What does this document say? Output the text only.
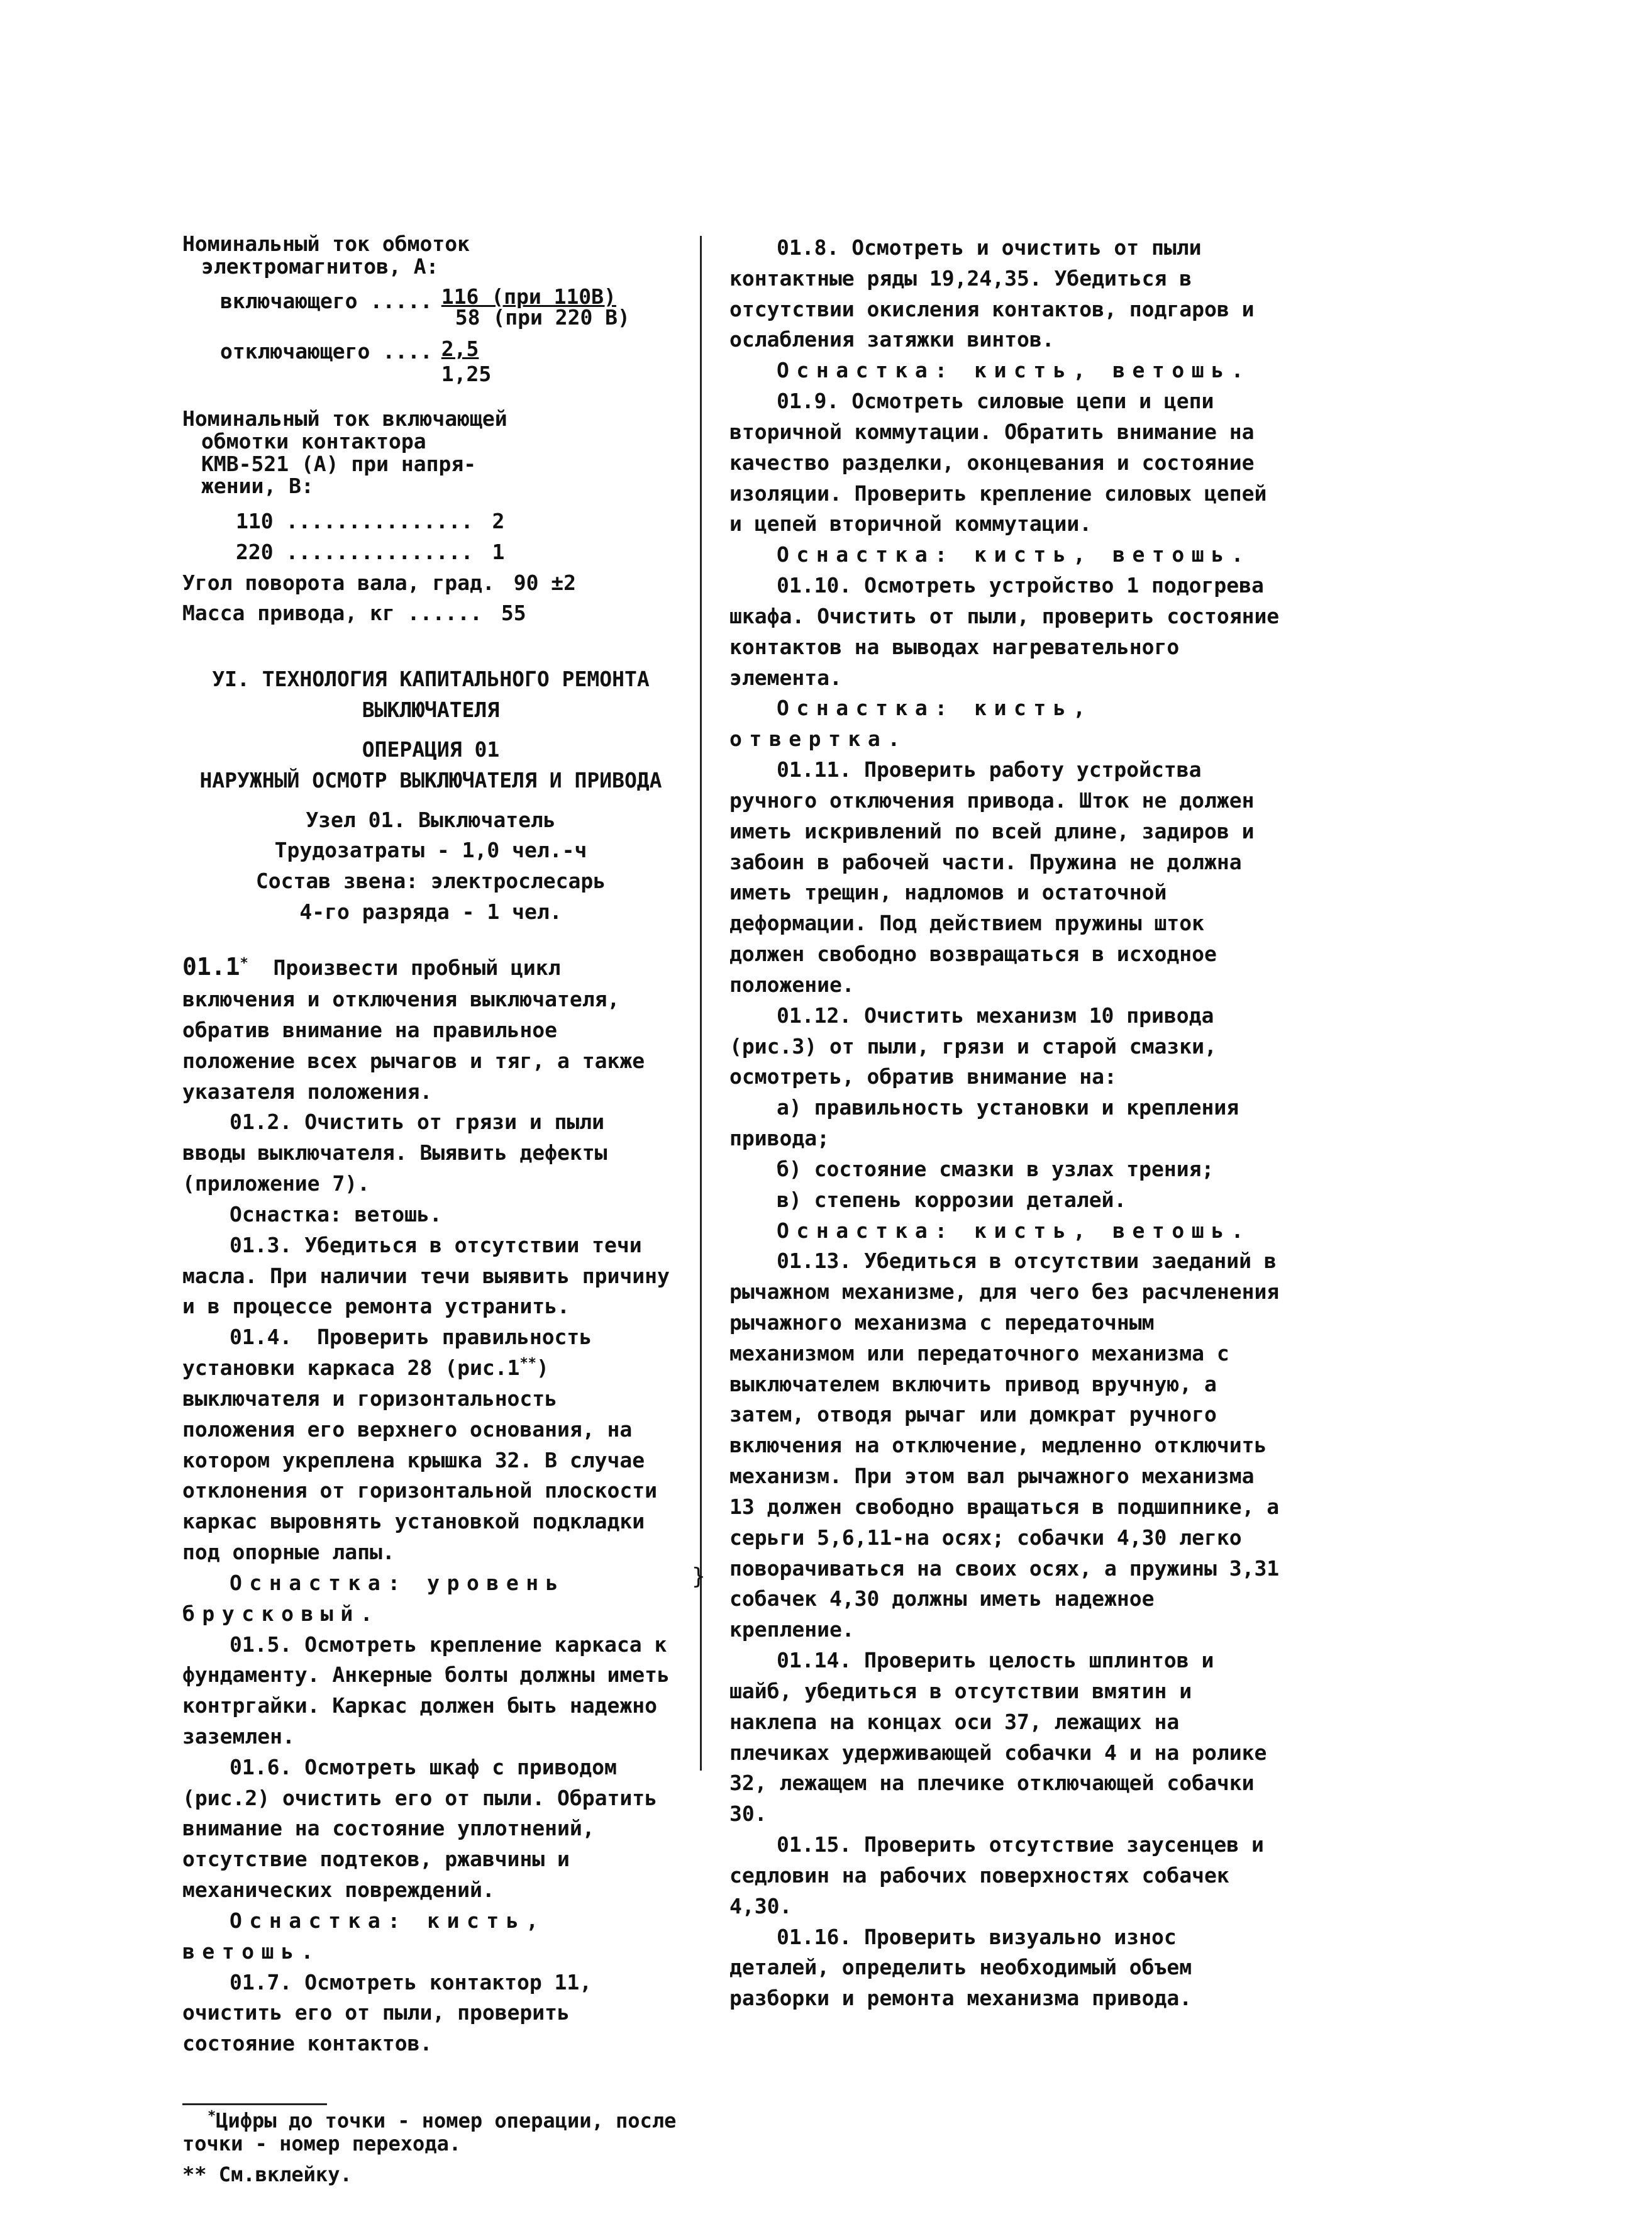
}
Номинальный ток обмоток
электромагнитов, А:
включающего ..... $\frac{\text{116 (при 110В)}}{\text{58 (при 220 В)}}$
отключающего .... $\frac{2,5}{1,25}$
Номинальный ток включающей
обмотки контактора
КМВ-521 (А) при напря-
жении, В:
110 ............... 2
220 ............... 1
Угол поворота вала, град. 90 ±2
Масса привода, кг ...... 55

УI. ТЕХНОЛОГИЯ КАПИТАЛЬНОГО РЕМОНТА

ВЫКЛЮЧАТЕЛЯ

ОПЕРАЦИЯ 01

НАРУЖНЫЙ ОСМОТР ВЫКЛЮЧАТЕЛЯ И ПРИВОДА

Узел 01. Выключатель

Трудозатраты - 1,0 чел.-ч

Состав звена: электрослесарь

4-го разряда - 1 чел.

01.1*  Произвести пробный цикл включения и отключения выключателя, обратив внимание на правильное положение всех рычагов и тяг, а также указателя положения.

01.2. Очистить от грязи и пыли вводы выключателя. Выявить дефекты (приложение 7).

Оснастка: ветошь.

01.3. Убедиться в отсутствии течи масла. При наличии течи выявить причину и в процессе ремонта устранить.

01.4.  Проверить правильность установки каркаса 28 (рис.1**) выключателя и горизонтальность положения его верхнего основания, на котором укреплена крышка 32. В случае отклонения от горизонтальной плоскости каркас выровнять установкой подкладки под опорные лапы.

Оснастка: уровень брусковый.

01.5. Осмотреть крепление каркаса к фундаменту. Анкерные болты должны иметь контргайки. Каркас должен быть надежно заземлен.

01.6. Осмотреть шкаф с приводом (рис.2) очистить его от пыли. Обратить внимание на состояние уплотнений, отсутствие подтеков, ржавчины и механических повреждений.

Оснастка: кисть, ветошь.

01.7. Осмотреть контактор 11, очистить его от пыли, проверить состояние контактов.

*Цифры до точки - номер операции, после точки - номер перехода.

** См.вклейку.

01.8. Осмотреть и очистить от пыли контактные ряды 19,24,35. Убедиться в отсутствии окисления контактов, подгаров и ослабления затяжки винтов.

Оснастка: кисть, ветошь.

01.9. Осмотреть силовые цепи и цепи вторичной коммутации. Обратить внимание на качество разделки, оконцевания и состояние изоляции. Проверить крепление силовых цепей и цепей вторичной коммутации.

Оснастка: кисть, ветошь.

01.10. Осмотреть устройство 1 подогрева шкафа. Очистить от пыли, проверить состояние контактов на выводах нагревательного элемента.

Оснастка: кисть, отвертка.

01.11. Проверить работу устройства ручного отключения привода. Шток не должен иметь искривлений по всей длине, задиров и забоин в рабочей части. Пружина не должна иметь трещин, надломов и остаточной деформации. Под действием пружины шток должен свободно возвращаться в исходное положение.

01.12. Очистить механизм 10 привода (рис.3) от пыли, грязи и старой смазки, осмотреть, обратив внимание на:

а) правильность установки и крепления привода;

б) состояние смазки в узлах трения;

в) степень коррозии деталей.

Оснастка: кисть, ветошь.

01.13. Убедиться в отсутствии заеданий в рычажном механизме, для чего без расчленения рычажного механизма с передаточным механизмом или передаточного механизма с выключателем включить привод вручную, а затем, отводя рычаг или домкрат ручного включения на отключение, медленно отключить механизм. При этом вал рычажного механизма 13 должен свободно вращаться в подшипнике, а серьги 5,6,11-на осях; собачки 4,30 легко поворачиваться на своих осях, а пружины 3,31 собачек 4,30 должны иметь надежное крепление.

01.14. Проверить целость шплинтов и шайб, убедиться в отсутствии вмятин и наклепа на концах оси 37, лежащих на плечиках удерживающей собачки 4 и на ролике 32, лежащем на плечике отключающей собачки 30.

01.15. Проверить отсутствие заусенцев и седловин на рабочих поверхностях собачек 4,30.

01.16. Проверить визуально износ деталей, определить необходимый объем разборки и ремонта механизма привода.
